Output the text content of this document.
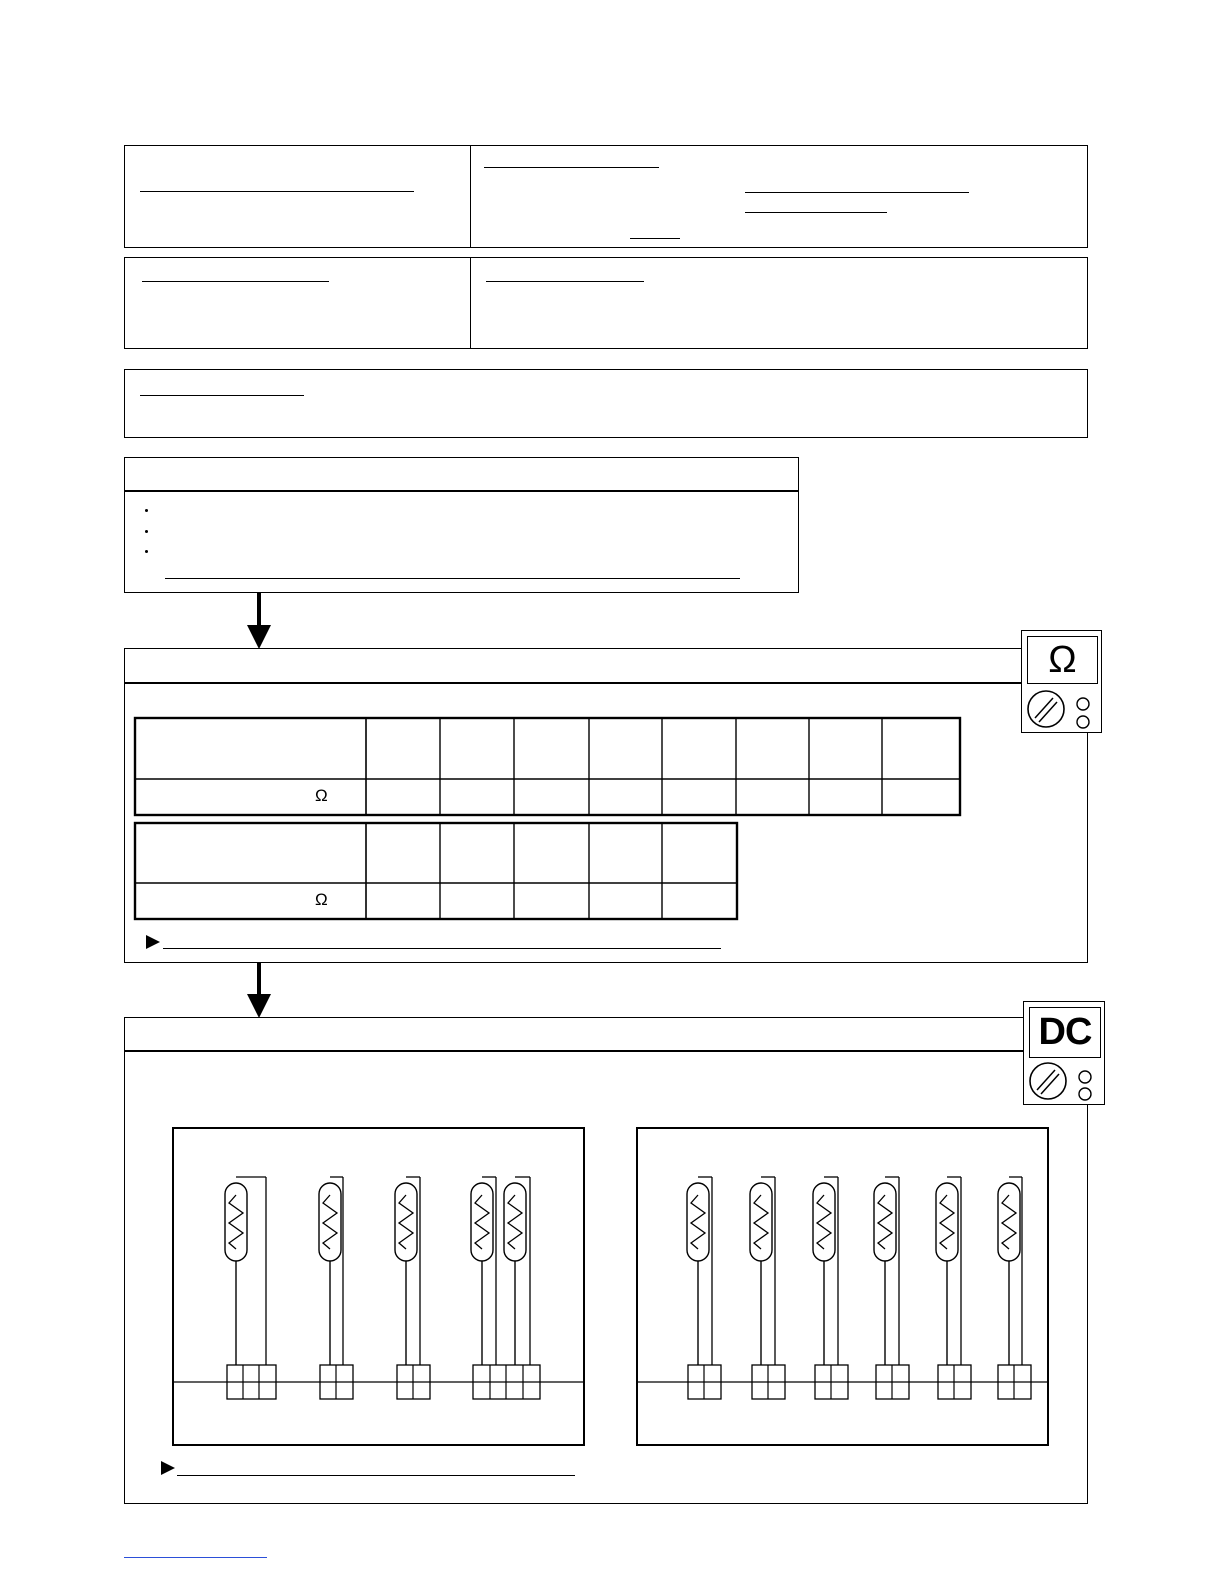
Ω
Ω
Ω
DC
